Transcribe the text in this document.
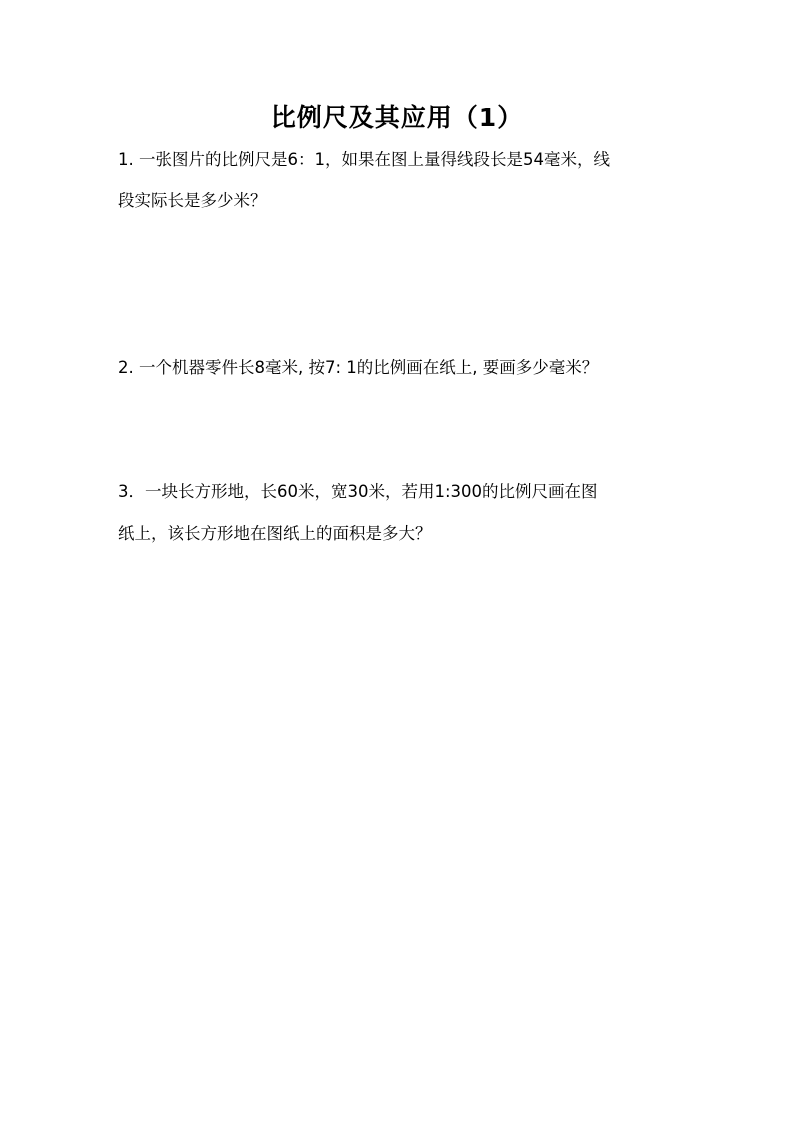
比例尺及其应用（1）
1. 一张图片的比例尺是6：1，如果在图上量得线段长是54毫米，线
段实际长是多少米？
2. 一个机器零件长8毫米, 按7: 1的比例画在纸上, 要画多少毫米？
3．一块长方形地，长60米，宽30米，若用1:300的比例尺画在图
纸上，该长方形地在图纸上的面积是多大？
